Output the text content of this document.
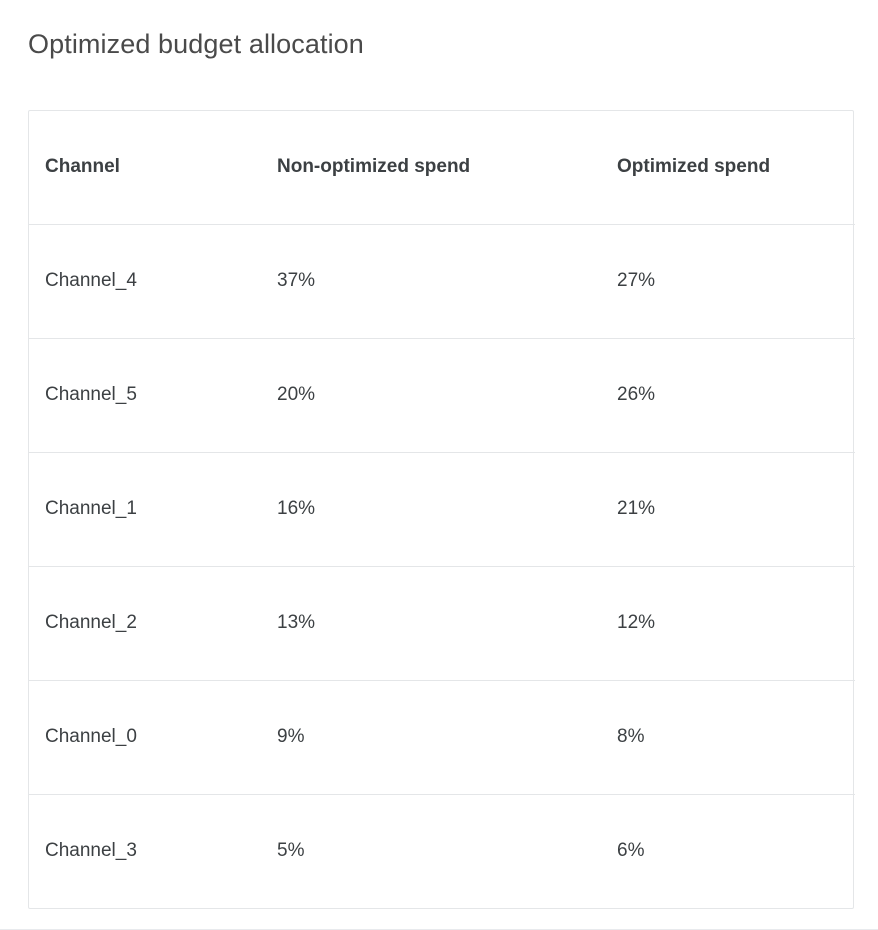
Optimized budget allocation
Channel	Non-optimized spend	Optimized spend
Channel_4	37%	27%
Channel_5	20%	26%
Channel_1	16%	21%
Channel_2	13%	12%
Channel_0	9%	8%
Channel_3	5%	6%
